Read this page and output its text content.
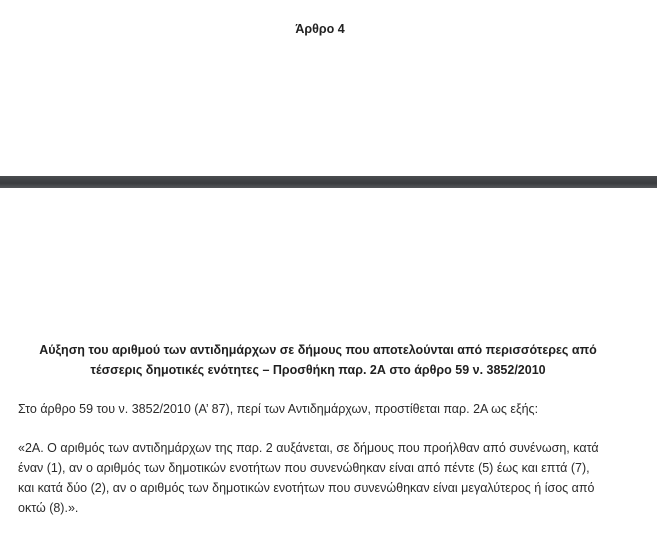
Άρθρο 4
Αύξηση του αριθμού των αντιδημάρχων σε δήμους που αποτελούνται από περισσότερες από
τέσσερις δημοτικές ενότητες – Προσθήκη παρ. 2Α στο άρθρο 59 ν. 3852/2010
Στο άρθρο 59 του ν. 3852/2010 (Α’ 87), περί των Αντιδημάρχων, προστίθεται παρ. 2Α ως εξής:
«2Α. Ο αριθμός των αντιδημάρχων της παρ. 2 αυξάνεται, σε δήμους που προήλθαν από συνένωση, κατά
έναν (1), αν ο αριθμός των δημοτικών ενοτήτων που συνενώθηκαν είναι από πέντε (5) έως και επτά (7),
και κατά δύο (2), αν ο αριθμός των δημοτικών ενοτήτων που συνενώθηκαν είναι μεγαλύτερος ή ίσος από
οκτώ (8).».
